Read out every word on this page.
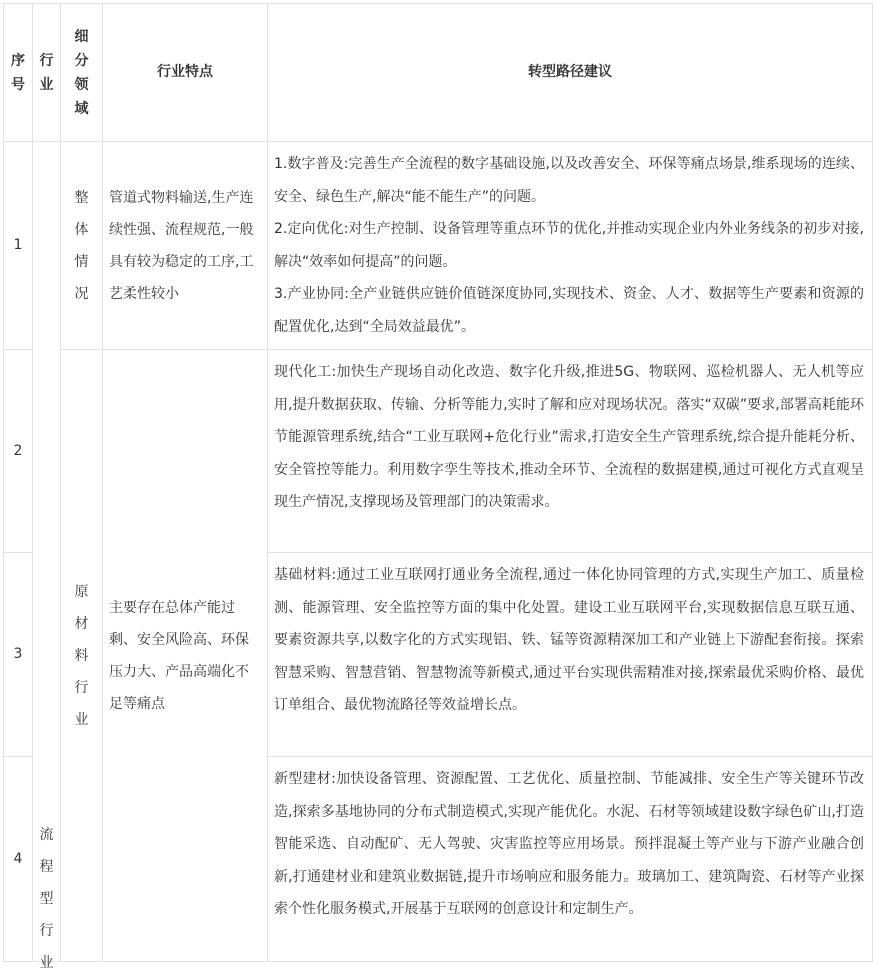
序号	行业	细分领域	行业特点	转型路径建议
1	流程型行业	整体情况	管道式物料输送,生产连续性强、流程规范,一般具有较为稳定的工序,工艺柔性较小	1.数字普及:完善生产全流程的数字基础设施,以及改善安全、环保等痛点场景,维系现场的连续、安全、绿色生产,解决“能不能生产”的问题。

2.定向优化:对生产控制、设备管理等重点环节的优化,并推动实现企业内外业务线条的初步对接,解决“效率如何提高”的问题。

3.产业协同:全产业链供应链价值链深度协同,实现技术、资金、人才、数据等生产要素和资源的配置优化,达到“全局效益最优”。

2		原材料行业	主要存在总体产能过剩、安全风险高、环保压力大、产品高端化不足等痛点	现代化工:加快生产现场自动化改造、数字化升级,推进5G、物联网、巡检机器人、无人机等应用,提升数据获取、传输、分析等能力,实时了解和应对现场状况。落实“双碳”要求,部署高耗能环节能源管理系统,结合“工业互联网+危化行业”需求,打造安全生产管理系统,综合提升能耗分析、安全管控等能力。利用数字孪生等技术,推动全环节、全流程的数据建模,通过可视化方式直观呈现生产情况,支撑现场及管理部门的决策需求。

3				基础材料:通过工业互联网打通业务全流程,通过一体化协同管理的方式,实现生产加工、质量检测、能源管理、安全监控等方面的集中化处置。建设工业互联网平台,实现数据信息互联互通、要素资源共享,以数字化的方式实现铝、铁、锰等资源精深加工和产业链上下游配套衔接。探索智慧采购、智慧营销、智慧物流等新模式,通过平台实现供需精准对接,探索最优采购价格、最优订单组合、最优物流路径等效益增长点。

4				新型建材:加快设备管理、资源配置、工艺优化、质量控制、节能减排、安全生产等关键环节改造,探索多基地协同的分布式制造模式,实现产能优化。水泥、石材等领域建设数字绿色矿山,打造智能采选、自动配矿、无人驾驶、灾害监控等应用场景。预拌混凝土等产业与下游产业融合创新,打通建材业和建筑业数据链,提升市场响应和服务能力。玻璃加工、建筑陶瓷、石材等产业探索个性化服务模式,开展基于互联网的创意设计和定制生产。
